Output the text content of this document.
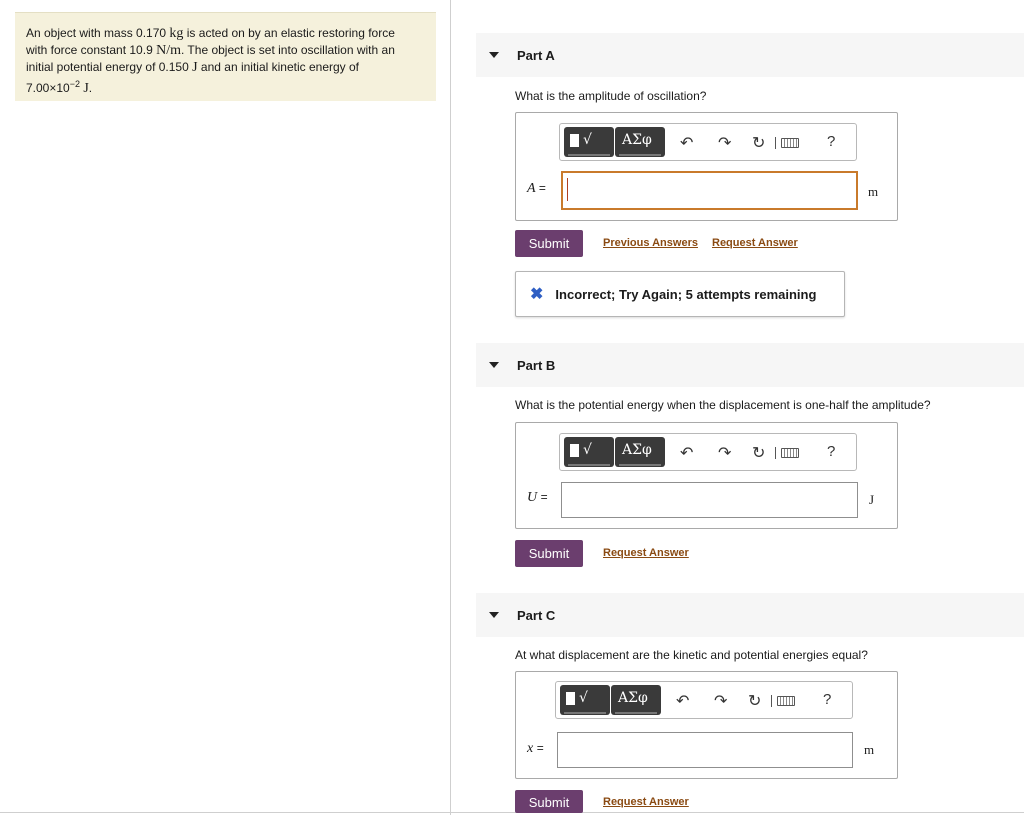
An object with mass 0.170 kg is acted on by an elastic restoring force
with force constant 10.9 N/m. The object is set into oscillation with an
initial potential energy of 0.150 J and an initial kinetic energy of
$7.00\times 10^{-2}$ J.
Part A
What is the amplitude of oscillation?
√ ΑΣφ ↶ ↷ ↻	?
A =	m
Submit	Previous Answers Request Answer
✖ Incorrect; Try Again; 5 attempts remaining
Part B
What is the potential energy when the displacement is one-half the amplitude?
√ ΑΣφ ↶ ↷ ↻	?
U =	J
Submit	Request Answer
Part C
At what displacement are the kinetic and potential energies equal?
√ ΑΣφ ↶ ↷ ↻	?
x =	m
Submit	Request Answer
